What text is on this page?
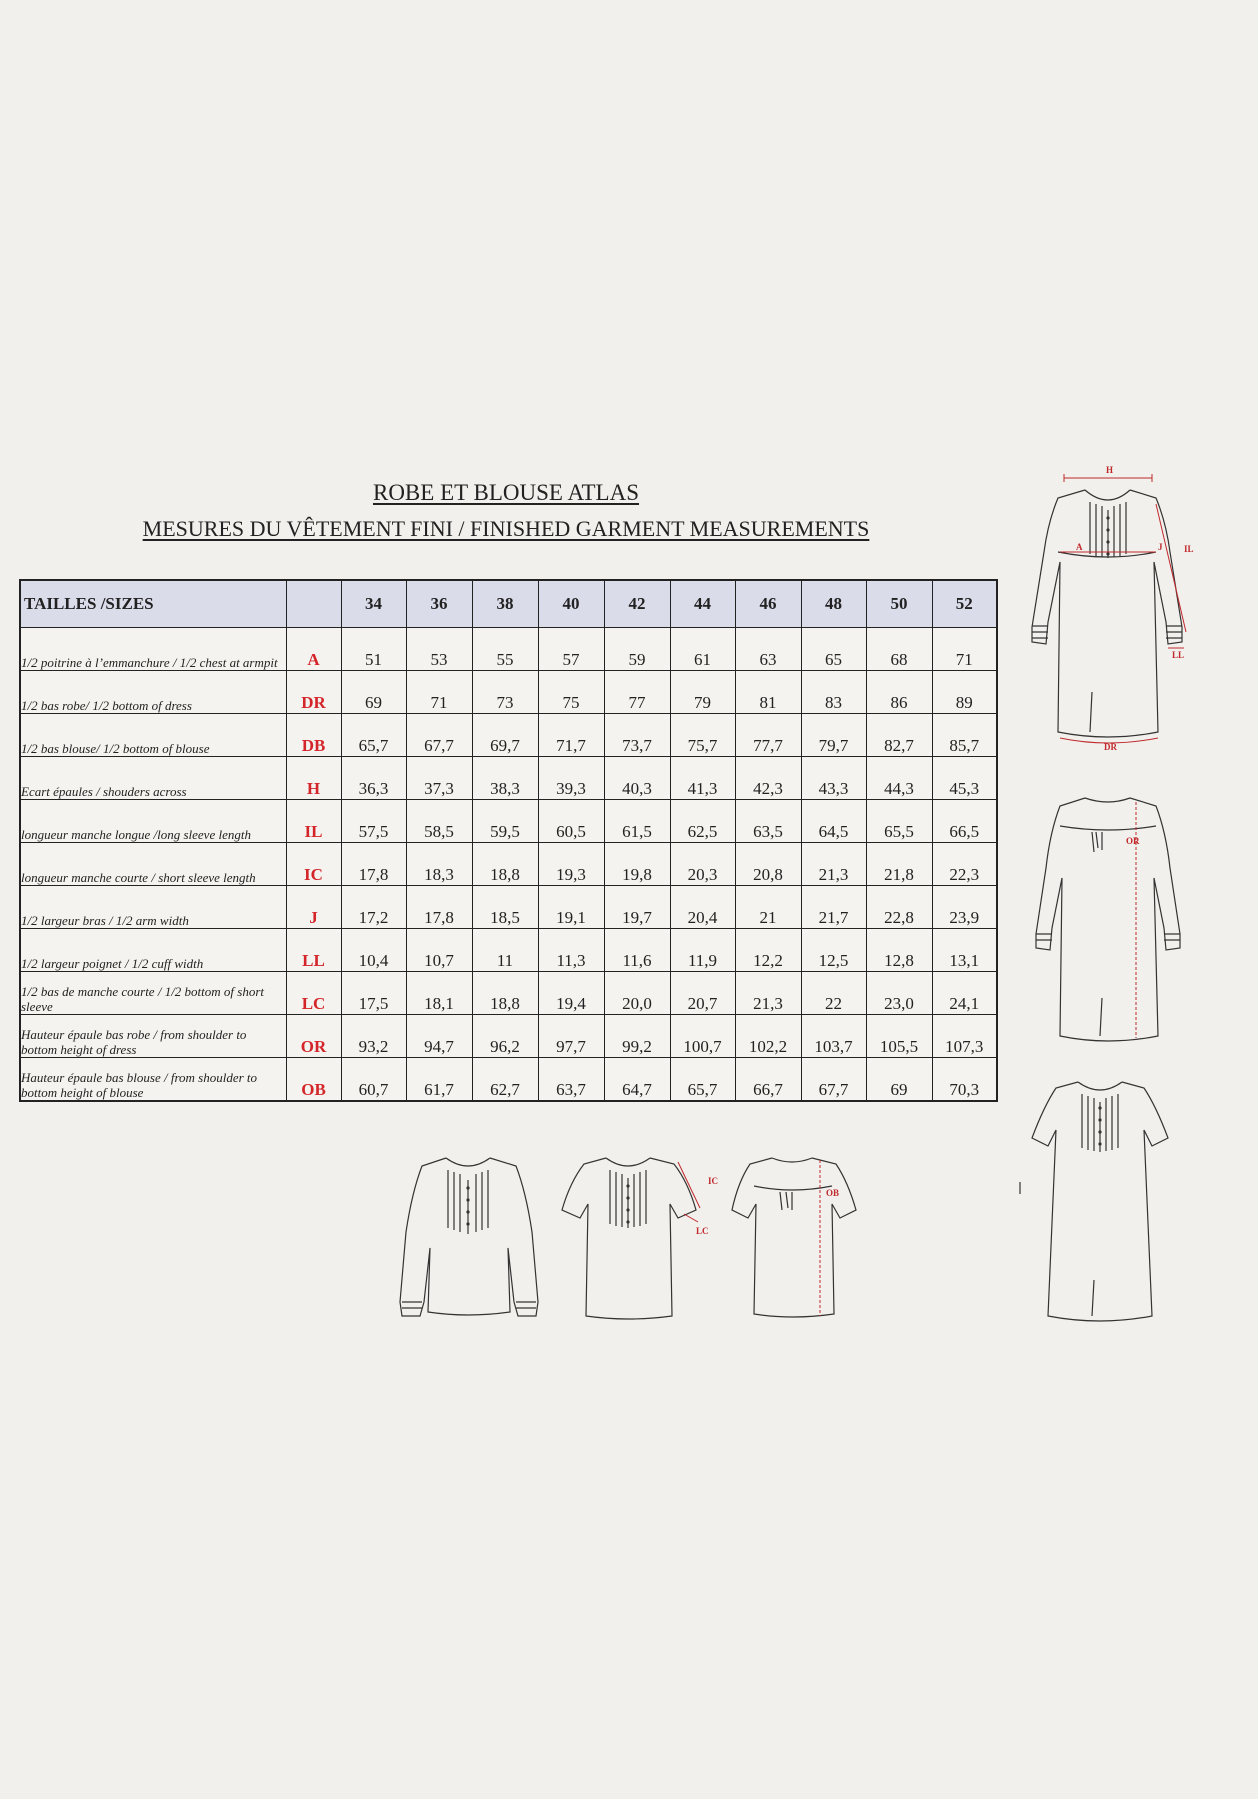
ROBE ET BLOUSE ATLAS
MESURES DU VÊTEMENT FINI / FINISHED GARMENT MEASUREMENTS
TAILLES /SIZES		34	36	38	40	42	44	46	48	50	52
1/2 poitrine à l’emmanchure / 1/2 chest at armpit	A	51	53	55	57	59	61	63	65	68	71
1/2 bas robe/ 1/2 bottom of dress	DR	69	71	73	75	77	79	81	83	86	89
1/2 bas blouse/ 1/2 bottom of blouse	DB	65,7	67,7	69,7	71,7	73,7	75,7	77,7	79,7	82,7	85,7
Ecart épaules / shouders across	H	36,3	37,3	38,3	39,3	40,3	41,3	42,3	43,3	44,3	45,3
longueur manche longue /long sleeve length	IL	57,5	58,5	59,5	60,5	61,5	62,5	63,5	64,5	65,5	66,5
longueur manche courte / short sleeve length	IC	17,8	18,3	18,8	19,3	19,8	20,3	20,8	21,3	21,8	22,3
1/2 largeur bras / 1/2 arm width	J	17,2	17,8	18,5	19,1	19,7	20,4	21	21,7	22,8	23,9
1/2 largeur poignet / 1/2 cuff width	LL	10,4	10,7	11	11,3	11,6	11,9	12,2	12,5	12,8	13,1
1/2 bas de manche courte / 1/2 bottom of short sleeve	LC	17,5	18,1	18,8	19,4	20,0	20,7	21,3	22	23,0	24,1
Hauteur épaule bas robe / from shoulder to bottom height of dress	OR	93,2	94,7	96,2	97,7	99,2	100,7	102,2	103,7	105,5	107,3
Hauteur épaule bas blouse / from shoulder to bottom height of blouse	OB	60,7	61,7	62,7	63,7	64,7	65,7	66,7	67,7	69	70,3
H
A	J IL
LL
DR
OR
IC
LC
OB
